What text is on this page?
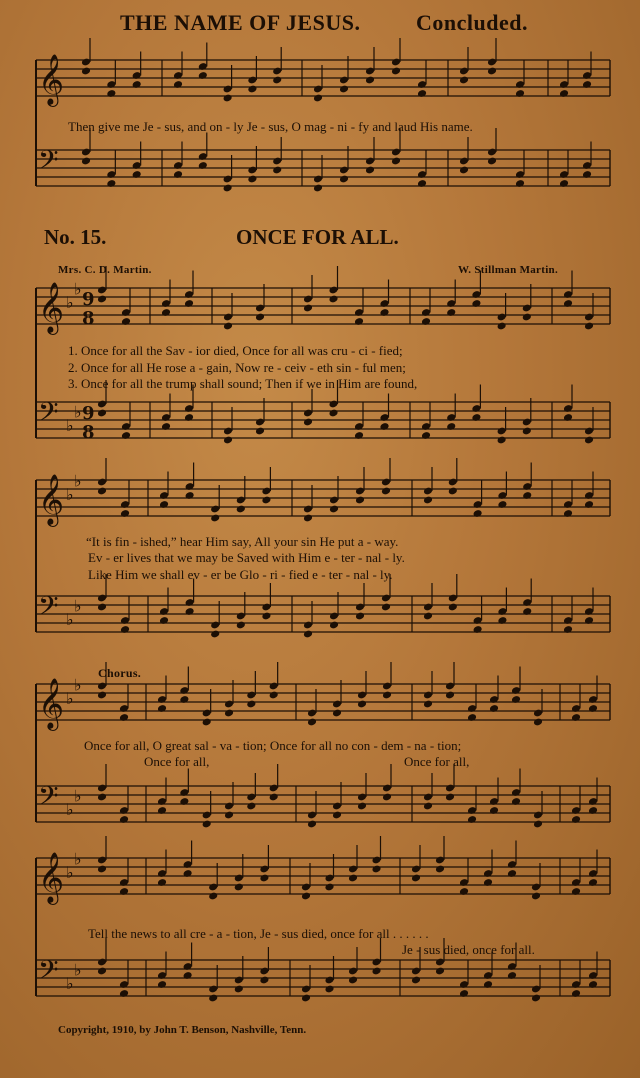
THE NAME OF JESUS.	Concluded.
𝄞
𝄢
𝄞 ♭
♭
𝄢 ♭
♭
𝄞 ♭
♭
𝄢 ♭
♭
𝄞 ♭
♭
𝄢 ♭
♭
𝄞 ♭
♭
𝄢 ♭
♭
9
8
9
8
Then give me Je - sus, and on - ly Je - sus, O mag - ni - fy and laud His name.
No. 15.	ONCE FOR ALL.
Mrs. C. D. Martin.	W. Stillman Martin.
1. Once for all the Sav - ior died, Once for all was cru - ci - fied;
2. Once for all He rose a - gain, Now re - ceiv - eth sin - ful men;
3. Once for all the trump shall sound; Then if we in Him are found,
“It is fin - ished,” hear Him say, All your sin He put a - way.
Ev - er lives that we may be Saved with Him e - ter - nal - ly.
Like Him we shall ev - er be Glo - ri - fied e - ter - nal - ly.
Chorus.
Once for all, O great sal - va - tion; Once for all no con - dem - na - tion;
Once for all,	Once for all,
Tell the news to all cre - a - tion, Je - sus died, once for all . . . . . .
Je - sus died, once for all.
Copyright, 1910, by John T. Benson, Nashville, Tenn.
